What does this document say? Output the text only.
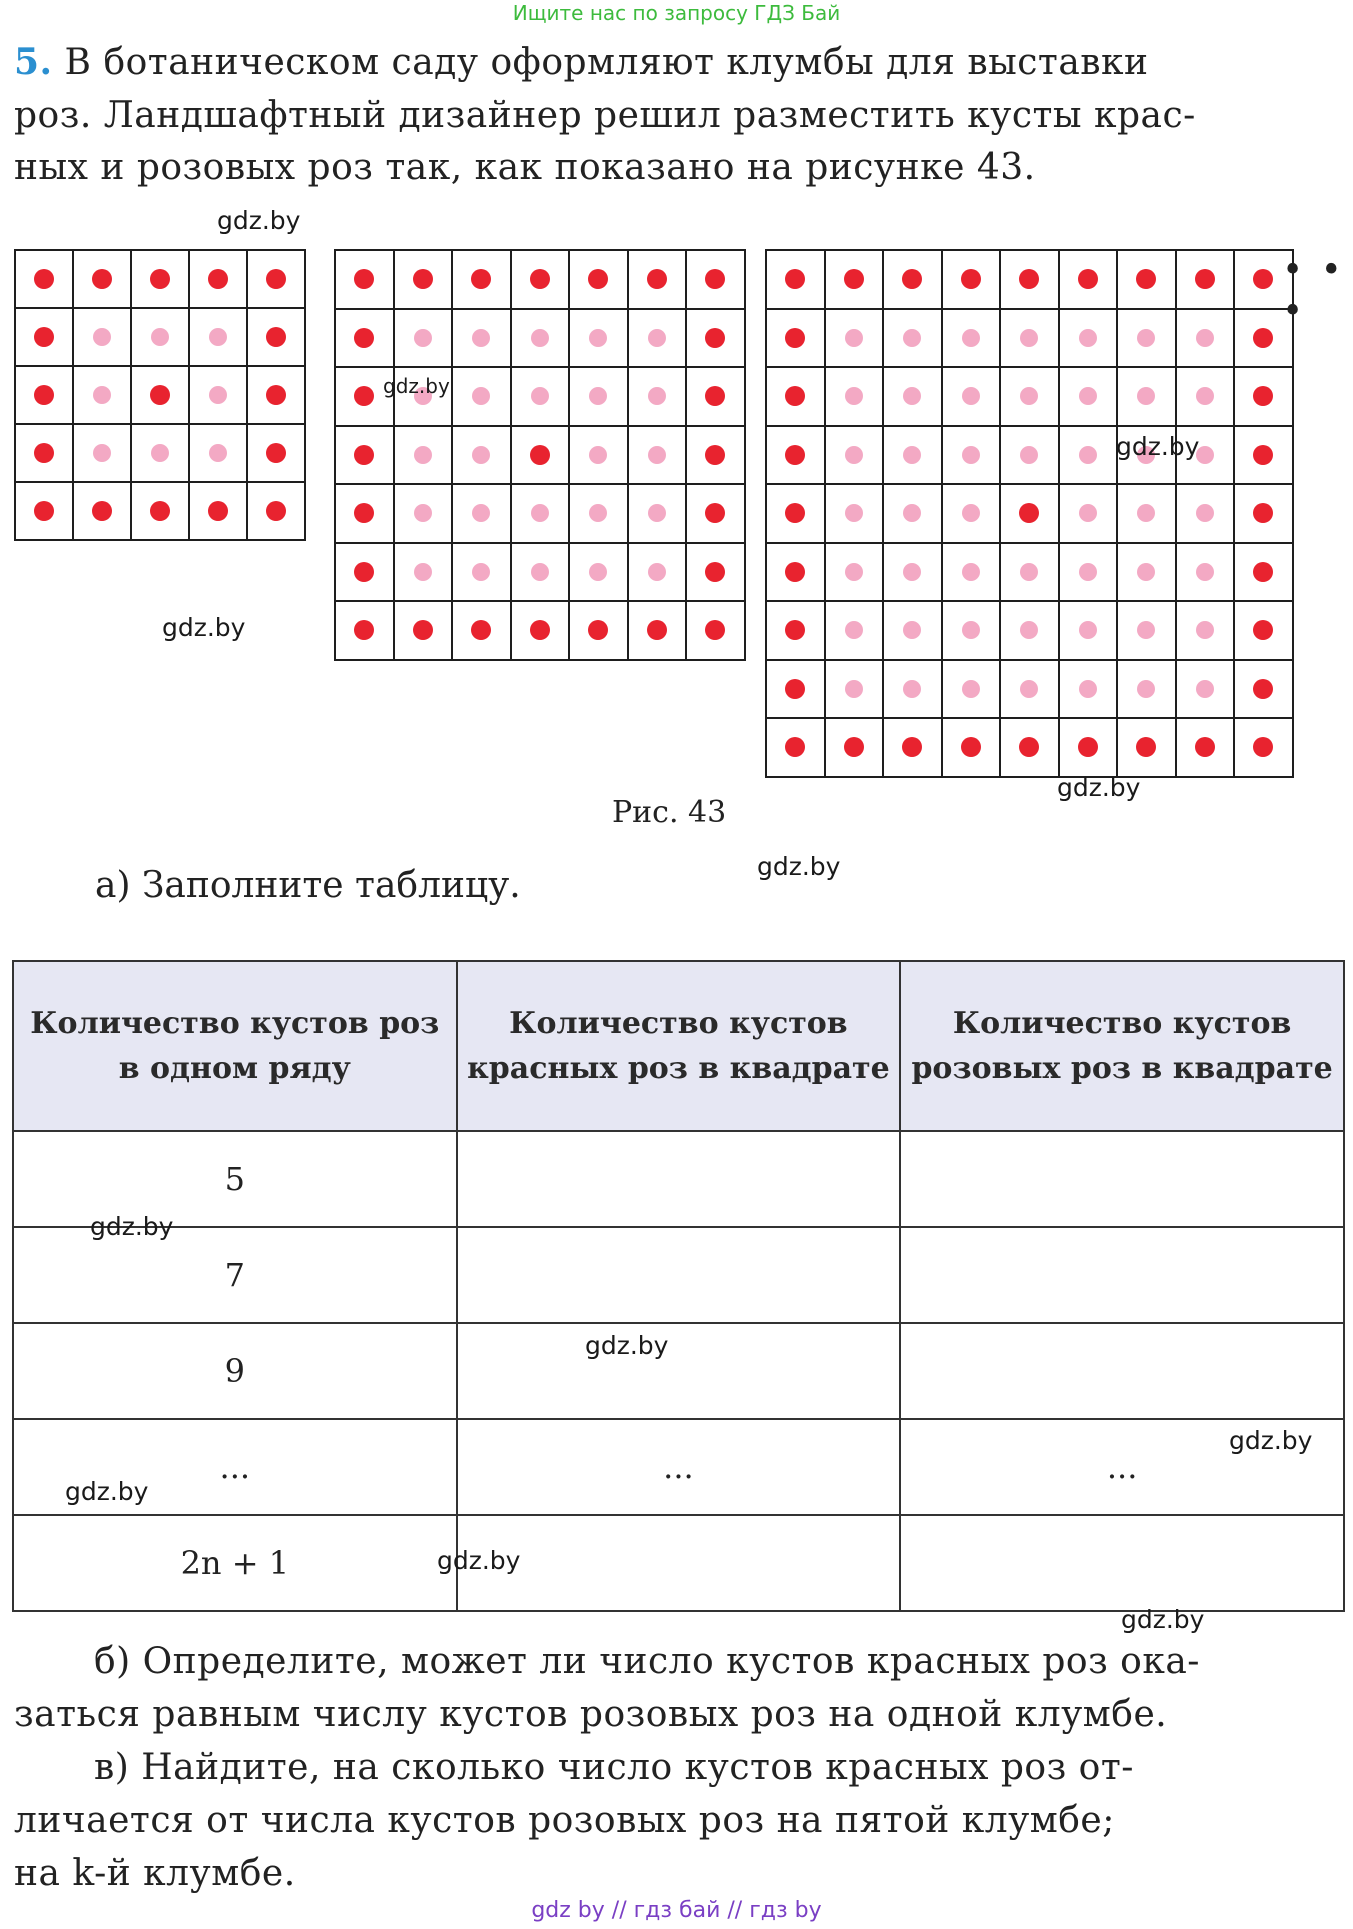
Ищите нас по запросу ГДЗ Бай
5. В ботаническом саду оформляют клумбы для выставки
роз. Ландшафтный дизайнер решил разместить кусты крас-
ных и розовых роз так, как показано на рисунке 43.

• • •
Рис. 43
а) Заполните таблицу.
Количество кустов роз в одном ряду	Количество кустов красных роз в квадрате	Количество кустов розовых роз в квадрате
5		
7		
9		
...	...	...
2n + 1		
б) Определите, может ли число кустов красных роз ока-
заться равным числу кустов розовых роз на одной клумбе.
в) Найдите, на сколько число кустов красных роз от-
личается от числа кустов розовых роз на пятой клумбе;
на k-й клумбе.
gdz.by
gdz.by
gdz.by
gdz.by
gdz.by
gdz.by
gdz.by
gdz.by
gdz.by
gdz.by
gdz.by
gdz.by
gdz by // гдз бай // гдз by
